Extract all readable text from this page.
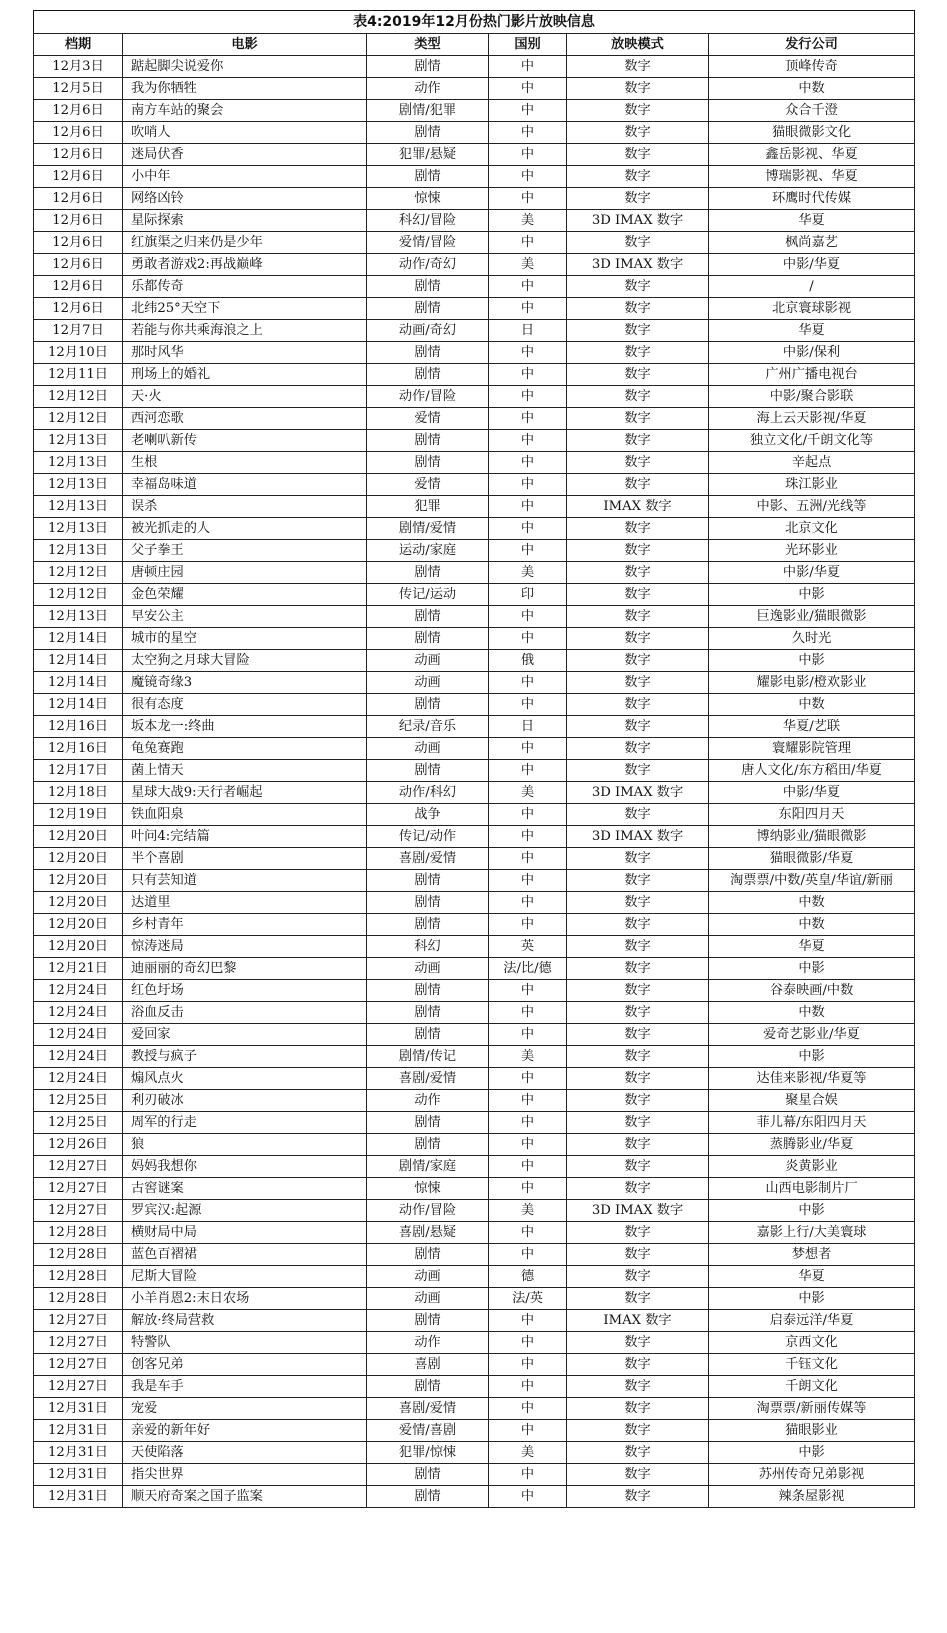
表4:2019年12月份热门影片放映信息
档期	电影	类型	国别	放映模式	发行公司
12月3日	踮起脚尖说爱你	剧情	中	数字	顶峰传奇
12月5日	我为你牺牲	动作	中	数字	中数
12月6日	南方车站的聚会	剧情/犯罪	中	数字	众合千澄
12月6日	吹哨人	剧情	中	数字	猫眼微影文化
12月6日	迷局伏香	犯罪/悬疑	中	数字	鑫岳影视、华夏
12月6日	小中年	剧情	中	数字	博瑞影视、华夏
12月6日	网络凶铃	惊悚	中	数字	环鹰时代传媒
12月6日	星际探索	科幻/冒险	美	3D IMAX 数字	华夏
12月6日	红旗渠之归来仍是少年	爱情/冒险	中	数字	枫尚嘉艺
12月6日	勇敢者游戏2:再战巅峰	动作/奇幻	美	3D IMAX 数字	中影/华夏
12月6日	乐都传奇	剧情	中	数字	/
12月6日	北纬25°天空下	剧情	中	数字	北京寰球影视
12月7日	若能与你共乘海浪之上	动画/奇幻	日	数字	华夏
12月10日	那时风华	剧情	中	数字	中影/保利
12月11日	刑场上的婚礼	剧情	中	数字	广州广播电视台
12月12日	天·火	动作/冒险	中	数字	中影/聚合影联
12月12日	西河恋歌	爱情	中	数字	海上云天影视/华夏
12月13日	老喇叭新传	剧情	中	数字	独立文化/千朗文化等
12月13日	生根	剧情	中	数字	辛起点
12月13日	幸福岛味道	爱情	中	数字	珠江影业
12月13日	误杀	犯罪	中	IMAX 数字	中影、五洲/光线等
12月13日	被光抓走的人	剧情/爱情	中	数字	北京文化
12月13日	父子拳王	运动/家庭	中	数字	光环影业
12月12日	唐顿庄园	剧情	美	数字	中影/华夏
12月12日	金色荣耀	传记/运动	印	数字	中影
12月13日	早安公主	剧情	中	数字	巨逸影业/猫眼微影
12月14日	城市的星空	剧情	中	数字	久时光
12月14日	太空狗之月球大冒险	动画	俄	数字	中影
12月14日	魔镜奇缘3	动画	中	数字	耀影电影/橙欢影业
12月14日	很有态度	剧情	中	数字	中数
12月16日	坂本龙一:终曲	纪录/音乐	日	数字	华夏/艺联
12月16日	龟兔赛跑	动画	中	数字	寰耀影院管理
12月17日	菌上情天	剧情	中	数字	唐人文化/东方稻田/华夏
12月18日	星球大战9:天行者崛起	动作/科幻	美	3D IMAX 数字	中影/华夏
12月19日	铁血阳泉	战争	中	数字	东阳四月天
12月20日	叶问4:完结篇	传记/动作	中	3D IMAX 数字	博纳影业/猫眼微影
12月20日	半个喜剧	喜剧/爱情	中	数字	猫眼微影/华夏
12月20日	只有芸知道	剧情	中	数字	淘票票/中数/英皇/华谊/新丽
12月20日	达道里	剧情	中	数字	中数
12月20日	乡村青年	剧情	中	数字	中数
12月20日	惊涛迷局	科幻	英	数字	华夏
12月21日	迪丽丽的奇幻巴黎	动画	法/比/德	数字	中影
12月24日	红色圩场	剧情	中	数字	谷泰映画/中数
12月24日	浴血反击	剧情	中	数字	中数
12月24日	爱回家	剧情	中	数字	爱奇艺影业/华夏
12月24日	教授与疯子	剧情/传记	美	数字	中影
12月24日	煽风点火	喜剧/爱情	中	数字	达佳来影视/华夏等
12月25日	利刃破冰	动作	中	数字	聚星合娱
12月25日	周军的行走	剧情	中	数字	菲儿幕/东阳四月天
12月26日	狼	剧情	中	数字	蒸腾影业/华夏
12月27日	妈妈我想你	剧情/家庭	中	数字	炎黄影业
12月27日	古窖谜案	惊悚	中	数字	山西电影制片厂
12月27日	罗宾汉:起源	动作/冒险	美	3D IMAX 数字	中影
12月28日	横财局中局	喜剧/悬疑	中	数字	嘉影上行/大美寰球
12月28日	蓝色百褶裙	剧情	中	数字	梦想者
12月28日	尼斯大冒险	动画	德	数字	华夏
12月28日	小羊肖恩2:末日农场	动画	法/英	数字	中影
12月27日	解放·终局营救	剧情	中	IMAX 数字	启泰远洋/华夏
12月27日	特警队	动作	中	数字	京西文化
12月27日	创客兄弟	喜剧	中	数字	千钰文化
12月27日	我是车手	剧情	中	数字	千朗文化
12月31日	宠爱	喜剧/爱情	中	数字	淘票票/新丽传媒等
12月31日	亲爱的新年好	爱情/喜剧	中	数字	猫眼影业
12月31日	天使陷落	犯罪/惊悚	美	数字	中影
12月31日	指尖世界	剧情	中	数字	苏州传奇兄弟影视
12月31日	顺天府奇案之国子监案	剧情	中	数字	辣条屋影视
